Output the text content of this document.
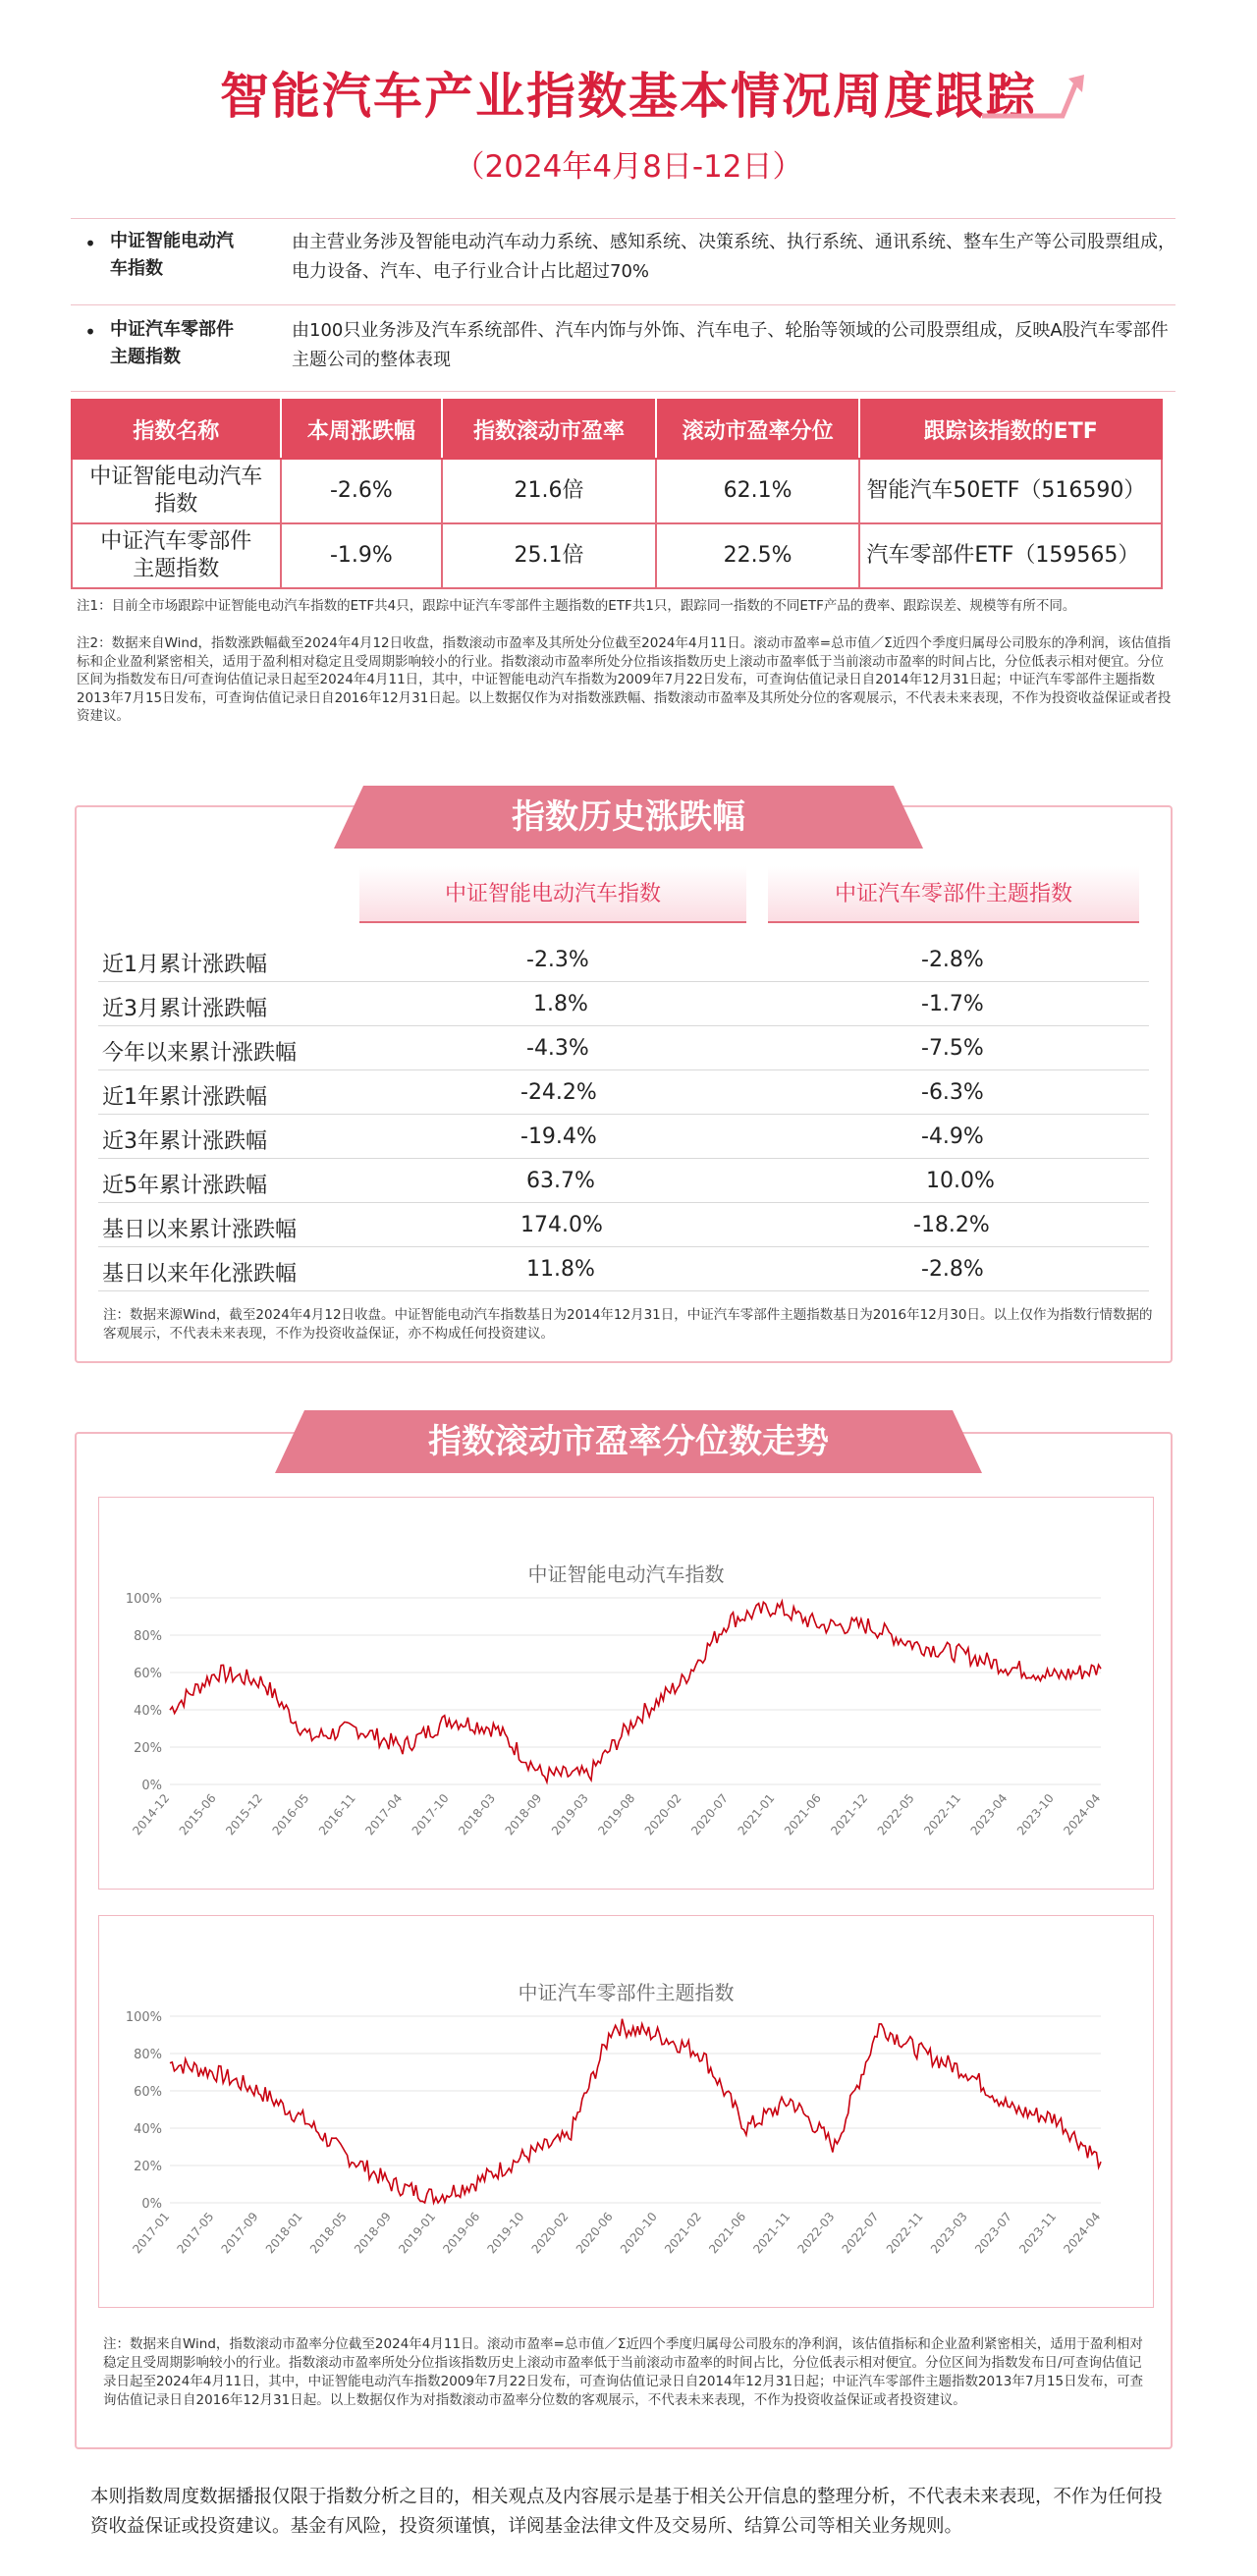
智能汽车产业指数基本情况周度跟踪
（2024年4月8日-12日）
• 中证智能电动汽
车指数
由主营业务涉及智能电动汽车动力系统、感知系统、决策系统、执行系统、通讯系统、整车生产等公司股票组成，电力设备、汽车、电子行业合计占比超过70%
• 中证汽车零部件
主题指数
由100只业务涉及汽车系统部件、汽车内饰与外饰、汽车电子、轮胎等领域的公司股票组成，反映A股汽车零部件主题公司的整体表现
指数名称	本周涨跌幅	指数滚动市盈率	滚动市盈率分位	跟踪该指数的ETF

中证智能电动汽车
指数	-2.6%	21.6倍	62.1%	智能汽车50ETF（516590）

中证汽车零部件
主题指数	-1.9%	25.1倍	22.5%	汽车零部件ETF（159565）
注1：目前全市场跟踪中证智能电动汽车指数的ETF共4只，跟踪中证汽车零部件主题指数的ETF共1只，跟踪同一指数的不同ETF产品的费率、跟踪误差、规模等有所不同。
注2：数据来自Wind，指数涨跌幅截至2024年4月12日收盘，指数滚动市盈率及其所处分位截至2024年4月11日。滚动市盈率=总市值／Σ近四个季度归属母公司股东的净利润，该估值指标和企业盈利紧密相关，适用于盈利相对稳定且受周期影响较小的行业。指数滚动市盈率所处分位指该指数历史上滚动市盈率低于当前滚动市盈率的时间占比，分位低表示相对便宜。分位区间为指数发布日/可查询估值记录日起至2024年4月11日，其中，中证智能电动汽车指数为2009年7月22日发布，可查询估值记录日自2014年12月31日起；中证汽车零部件主题指数2013年7月15日发布，可查询估值记录日自2016年12月31日起。以上数据仅作为对指数涨跌幅、指数滚动市盈率及其所处分位的客观展示，不代表未来表现，不作为投资收益保证或者投资建议。
指数历史涨跌幅
中证智能电动汽车指数	中证汽车零部件主题指数
近1月累计涨跌幅	-2.3%	-2.8%
近3月累计涨跌幅	1.8%	-1.7%
今年以来累计涨跌幅	-4.3%	-7.5%
近1年累计涨跌幅	-24.2%	-6.3%
近3年累计涨跌幅	-19.4%	-4.9%
近5年累计涨跌幅	63.7%	10.0%
基日以来累计涨跌幅	174.0%	-18.2%
基日以来年化涨跌幅	11.8%	-2.8%
注：数据来源Wind，截至2024年4月12日收盘。中证智能电动汽车指数基日为2014年12月31日，中证汽车零部件主题指数基日为2016年12月30日。以上仅作为指数行情数据的客观展示，不代表未来表现，不作为投资收益保证，亦不构成任何投资建议。
指数滚动市盈率分位数走势
中证智能电动汽车指数
0%
20%
40%
60%
80%
100%
2014-12 2015-06 2015-12 2016-05 2016-11 2017-04 2017-10 2018-03 2018-09 2019-03 2019-08 2020-02 2020-07 2021-01 2021-06 2021-12 2022-05 2022-11 2023-04 2023-10 2024-04
中证汽车零部件主题指数
0%
20%
40%
60%
80%
100%
2017-01 2017-05 2017-09 2018-01 2018-05 2018-09 2019-01 2019-06 2019-10 2020-02 2020-06 2020-10 2021-02 2021-06 2021-11 2022-03 2022-07 2022-11 2023-03 2023-07 2023-11 2024-04
注：数据来自Wind，指数滚动市盈率分位截至2024年4月11日。滚动市盈率=总市值／Σ近四个季度归属母公司股东的净利润，该估值指标和企业盈利紧密相关，适用于盈利相对稳定且受周期影响较小的行业。指数滚动市盈率所处分位指该指数历史上滚动市盈率低于当前滚动市盈率的时间占比，分位低表示相对便宜。分位区间为指数发布日/可查询估值记录日起至2024年4月11日，其中，中证智能电动汽车指数2009年7月22日发布，可查询估值记录日自2014年12月31日起；中证汽车零部件主题指数2013年7月15日发布，可查询估值记录日自2016年12月31日起。以上数据仅作为对指数滚动市盈率分位数的客观展示，不代表未来表现，不作为投资收益保证或者投资建议。
本则指数周度数据播报仅限于指数分析之目的，相关观点及内容展示是基于相关公开信息的整理分析，不代表未来表现，不作为任何投资收益保证或投资建议。基金有风险，投资须谨慎，详阅基金法律文件及交易所、结算公司等相关业务规则。
